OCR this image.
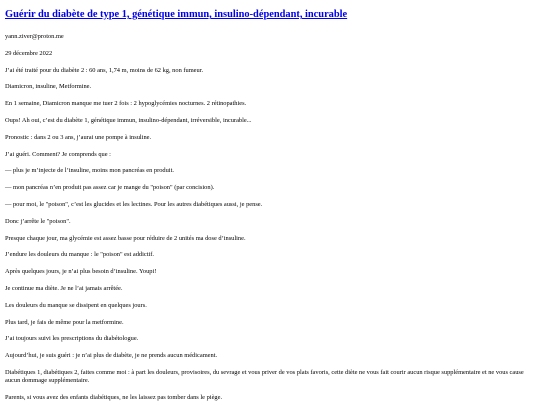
Guérir du diabète de type 1, génétique immun, insulino-dépendant, incurable

yann.ziver@proton.me

29 décembre 2022

J’ai été traité pour du diabète 2 : 60 ans, 1,74 m, moins de 62 kg, non fumeur.

Diamicron, insuline, Metformine.

En 1 semaine, Diamicron manque me tuer 2 fois : 2 hypoglycémies nocturnes. 2 rétinopathies.

Oups! Ah oui, c’est du diabète 1, génétique immun, insulino-dépendant, irréversible, incurable...

Pronostic : dans 2 ou 3 ans, j’aurai une pompe à insuline.

J’ai guéri. Comment? Je comprends que :

— plus je m’injecte de l’insuline, moins mon pancréas en produit.

— mon pancréas n’en produit pas assez car je mange du "poison" (par concision).

— pour moi, le "poison", c’est les glucides et les lectines. Pour les autres diabétiques aussi, je pense.

Donc j’arrête le "poison".

Presque chaque jour, ma glycémie est assez basse pour réduire de 2 unités ma dose d’insuline.

J’endure les douleurs du manque : le "poison" est addictif.

Après quelques jours, je n’ai plus besoin d’insuline. Youpi!

Je continue ma diète. Je ne l’ai jamais arrêtée.

Les douleurs du manque se dissipent en quelques jours.

Plus tard, je fais de même pour la metformine.

J’ai toujours suivi les prescriptions du diabétologue.

Aujourd’hui, je suis guéri : je n’ai plus de diabète, je ne prends aucun médicament.

Diabétiques 1, diabétiques 2, faites comme moi : à part les douleurs, provisoires, du sevrage et vous priver de vos plats favoris, cette diète ne vous fait courir aucun risque supplémentaire et ne vous cause aucun dommage supplémentaire.

Parents, si vous avez des enfants diabétiques, ne les laissez pas tomber dans le piège.
